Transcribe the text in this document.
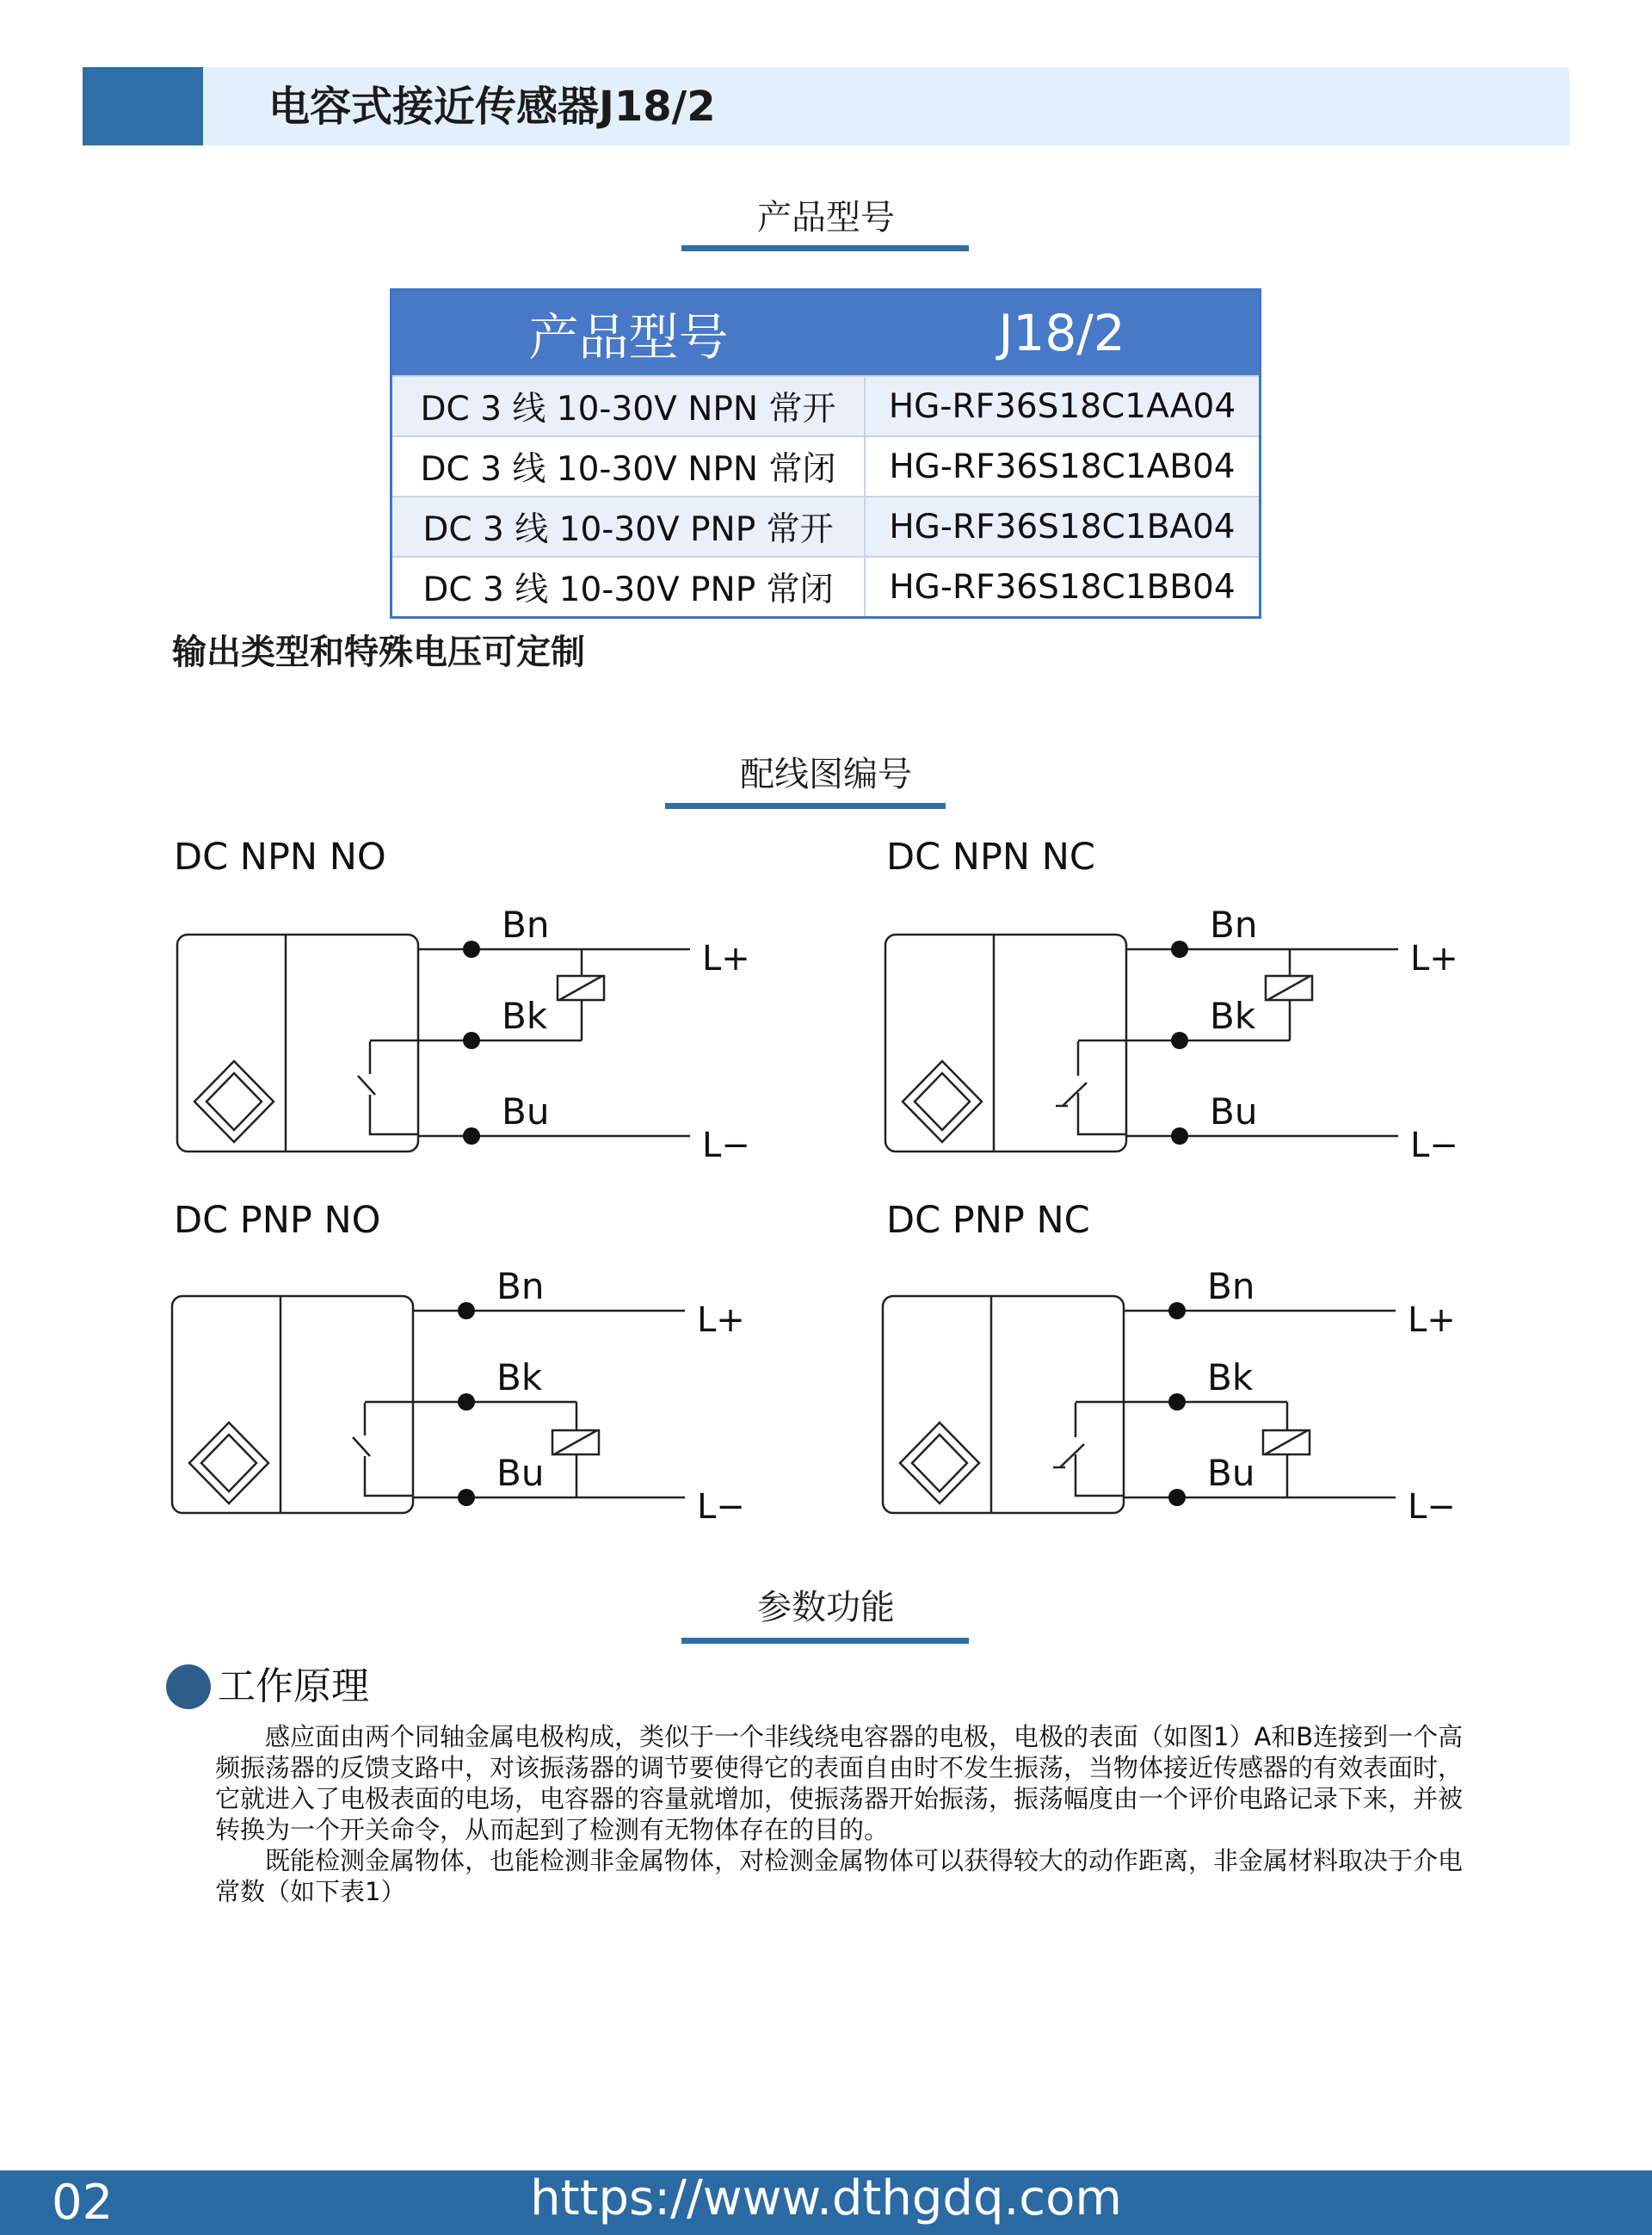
电容式接近传感器J18/2
产品型号
产品型号	J18/2
DC 3 线 10-30V NPN 常开	HG-RF36S18C1AA04
DC 3 线 10-30V NPN 常闭	HG-RF36S18C1AB04
DC 3 线 10-30V PNP 常开	HG-RF36S18C1BA04
DC 3 线 10-30V PNP 常闭	HG-RF36S18C1BB04
输出类型和特殊电压可定制
配线图编号
DC NPN NO	DC NPN NC
DC PNP NO	DC PNP NC
Bn
Bk
Bu
L+
L−
Bn
Bk
Bu
L+
L−
Bn
Bk
Bu
L+
L−
Bn
Bk
Bu
L+
L−
参数功能
工作原理

感应面由两个同轴金属电极构成，类似于一个非线绕电容器的电极，电极的表面（如图1）A和B连接到一个高频振荡器的反馈支路中，对该振荡器的调节要使得它的表面自由时不发生振荡，当物体接近传感器的有效表面时，它就进入了电极表面的电场，电容器的容量就增加，使振荡器开始振荡，振荡幅度由一个评价电路记录下来，并被转换为一个开关命令，从而起到了检测有无物体存在的目的。

既能检测金属物体，也能检测非金属物体，对检测金属物体可以获得较大的动作距离，非金属材料取决于介电常数（如下表1）

02	https://www.dthgdq.com
